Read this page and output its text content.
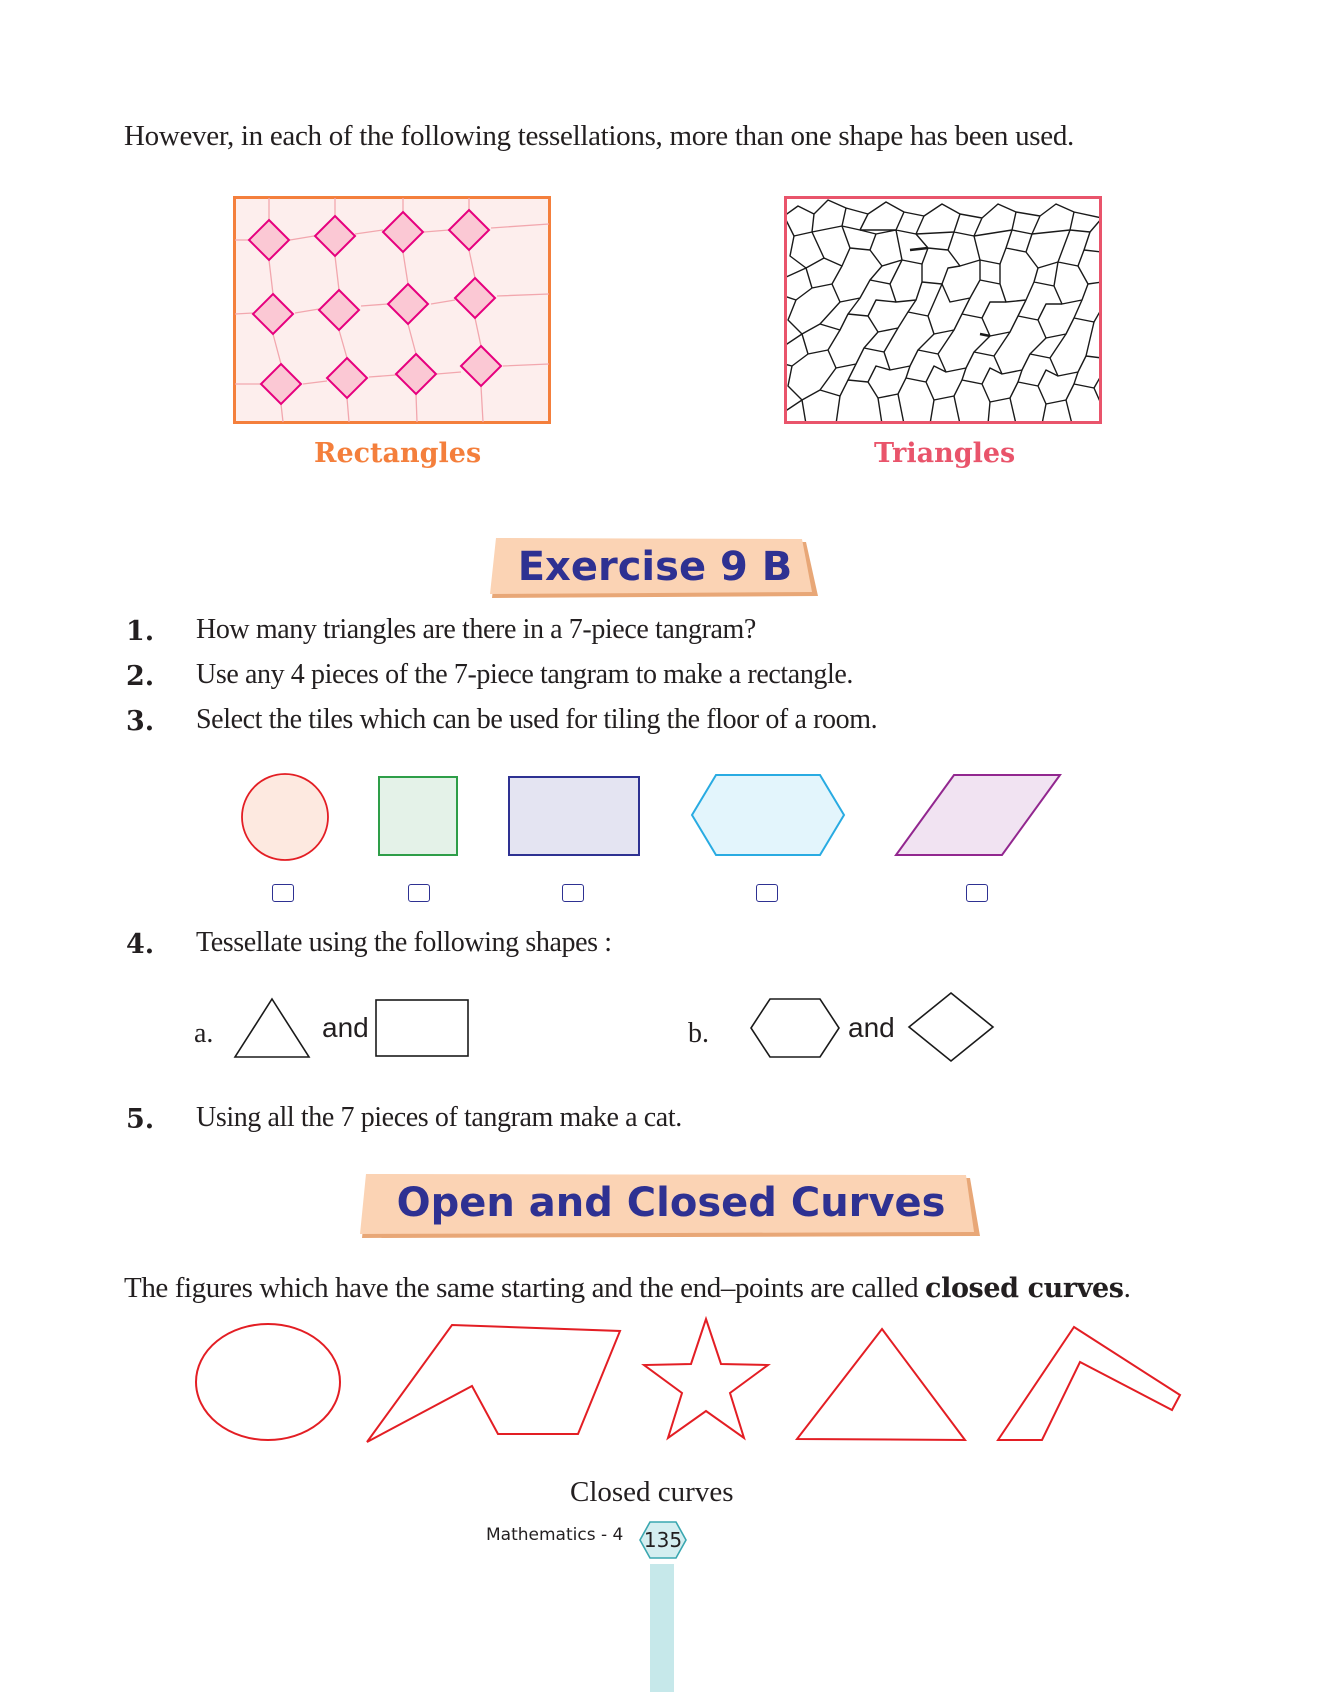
However, in each of the following tessellations, more than one shape has been used.
Rectangles	Triangles
Exercise 9 B
1. How many triangles are there in a 7-piece tangram?
2. Use any 4 pieces of the 7-piece tangram to make a rectangle.
3. Select the tiles which can be used for tiling the floor of a room.
4. Tessellate using the following shapes :
a.	and	b.	and
5. Using all the 7 pieces of tangram make a cat.
Open and Closed Curves
The figures which have the same starting and the end–points are called closed curves.
Closed curves
Mathematics - 4 135
